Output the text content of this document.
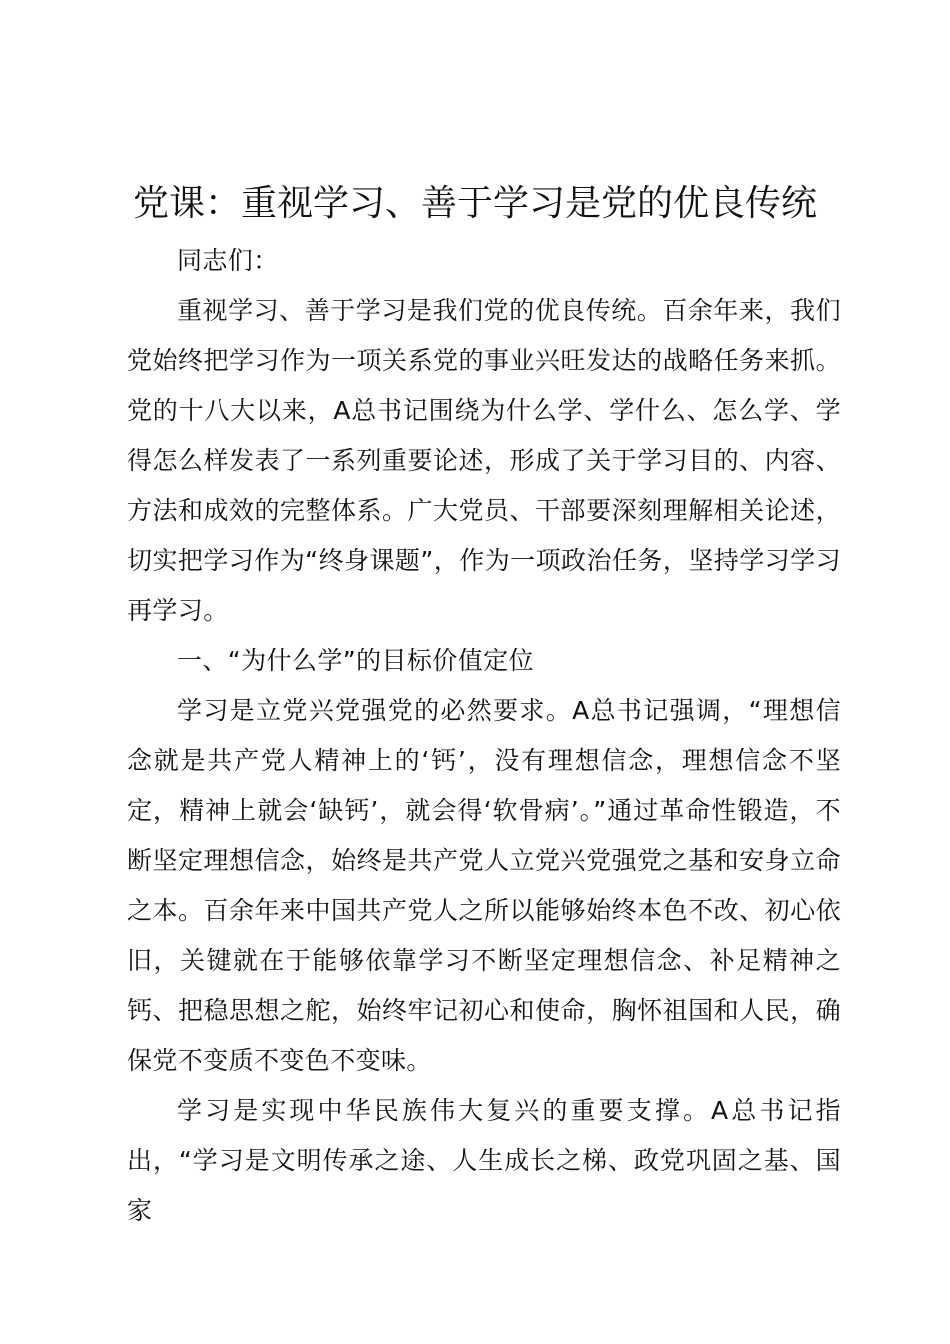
党课：重视学习、善于学习是党的优良传统

同志们：

重视学习、善于学习是我们党的优良传统。百余年来，我们党始终把学习作为一项关系党的事业兴旺发达的战略任务来抓。党的十八大以来，A总书记围绕为什么学、学什么、怎么学、学得怎么样发表了一系列重要论述，形成了关于学习目的、内容、方法和成效的完整体系。广大党员、干部要深刻理解相关论述，切实把学习作为“终身课题”，作为一项政治任务，坚持学习学习再学习。

一、“为什么学”的目标价值定位

学习是立党兴党强党的必然要求。A总书记强调，“理想信念就是共产党人精神上的‘钙’，没有理想信念，理想信念不坚定，精神上就会‘缺钙’，就会得‘软骨病’。”通过革命性锻造，不断坚定理想信念，始终是共产党人立党兴党强党之基和安身立命之本。百余年来中国共产党人之所以能够始终本色不改、初心依旧，关键就在于能够依靠学习不断坚定理想信念、补足精神之钙、把稳思想之舵，始终牢记初心和使命，胸怀祖国和人民，确保党不变质不变色不变味。

学习是实现中华民族伟大复兴的重要支撑。A总书记指出，“学习是文明传承之途、人生成长之梯、政党巩固之基、国家
